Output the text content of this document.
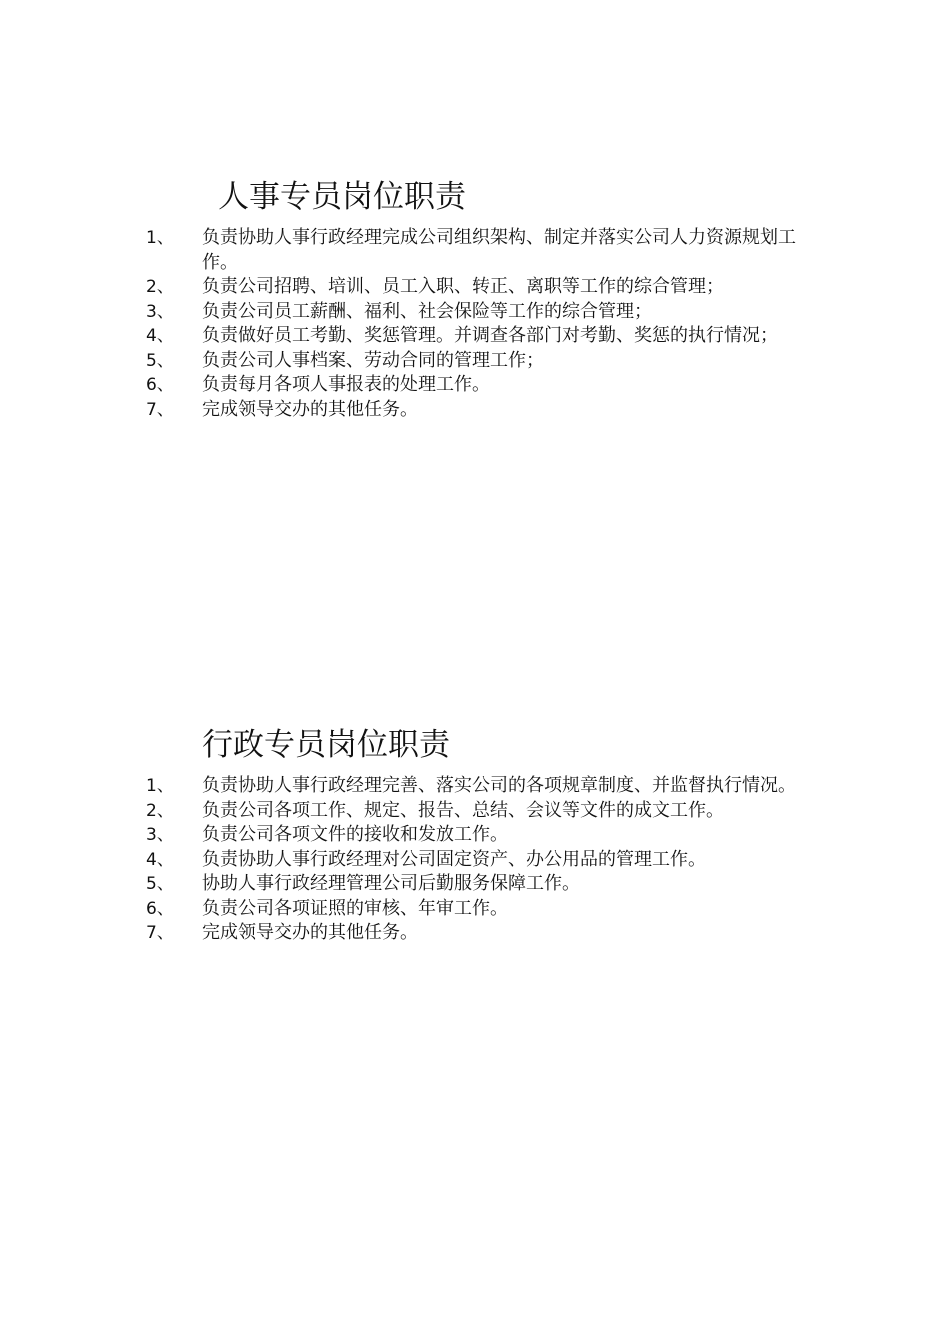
人事专员岗位职责
1、 负责协助人事行政经理完成公司组织架构、制定并落实公司人力资源规划工作。
2、 负责公司招聘、培训、员工入职、转正、离职等工作的综合管理；
3、 负责公司员工薪酬、福利、社会保险等工作的综合管理；
4、 负责做好员工考勤、奖惩管理。并调查各部门对考勤、奖惩的执行情况；
5、 负责公司人事档案、劳动合同的管理工作；
6、 负责每月各项人事报表的处理工作。
7、 完成领导交办的其他任务。
行政专员岗位职责
1、 负责协助人事行政经理完善、落实公司的各项规章制度、并监督执行情况。
2、 负责公司各项工作、规定、报告、总结、会议等文件的成文工作。
3、 负责公司各项文件的接收和发放工作。
4、 负责协助人事行政经理对公司固定资产、办公用品的管理工作。
5、 协助人事行政经理管理公司后勤服务保障工作。
6、 负责公司各项证照的审核、年审工作。
7、 完成领导交办的其他任务。
